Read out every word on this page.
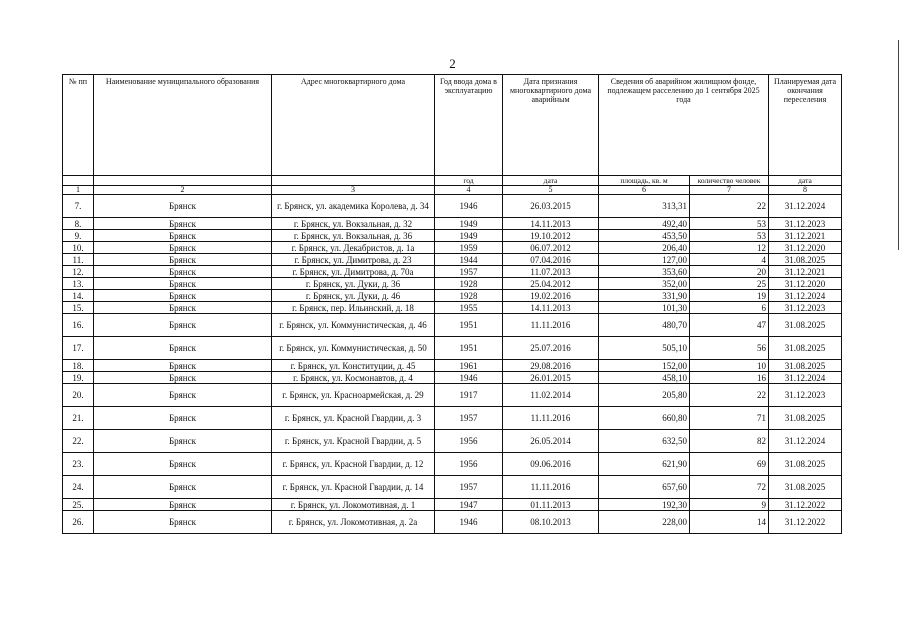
2
№ пп	Наименование муниципального образования	Адрес многоквартирного дома	Год ввода дома в эксплуатацию	Дата признания многоквартирного дома аварийным	Сведения об аварийном жилищном фонде, подлежащем расселению до 1 сентября 2025 года		Планируемая дата окончания переселения
			год	дата	площадь, кв. м	количество человек	дата
1	2	3	4	5	6	7	8
7.	Брянск	г. Брянск, ул. академика Королева, д. 34	1946	26.03.2015	313,31	22	31.12.2024
8.	Брянск	г. Брянск, ул. Вокзальная, д. 32	1949	14.11.2013	492,40	53	31.12.2023
9.	Брянск	г. Брянск, ул. Вокзальная, д. 36	1949	19.10.2012	453,50	53	31.12.2021
10.	Брянск	г. Брянск, ул. Декабристов, д. 1а	1959	06.07.2012	206,40	12	31.12.2020
11.	Брянск	г. Брянск, ул. Димитрова, д. 23	1944	07.04.2016	127,00	4	31.08.2025
12.	Брянск	г. Брянск, ул. Димитрова, д. 70а	1957	11.07.2013	353,60	20	31.12.2021
13.	Брянск	г. Брянск, ул. Дуки, д. 36	1928	25.04.2012	352,00	25	31.12.2020
14.	Брянск	г. Брянск, ул. Дуки, д. 46	1928	19.02.2016	331,90	19	31.12.2024
15.	Брянск	г. Брянск, пер. Ильинский, д. 18	1955	14.11.2013	101,30	6	31.12.2023
16.	Брянск	г. Брянск, ул. Коммунистическая, д. 46	1951	11.11.2016	480,70	47	31.08.2025
17.	Брянск	г. Брянск, ул. Коммунистическая, д. 50	1951	25.07.2016	505,10	56	31.08.2025
18.	Брянск	г. Брянск, ул. Конституции, д. 45	1961	29.08.2016	152,00	10	31.08.2025
19.	Брянск	г. Брянск, ул. Космонавтов, д. 4	1946	26.01.2015	458,10	16	31.12.2024
20.	Брянск	г. Брянск, ул. Красноармейская, д. 29	1917	11.02.2014	205,80	22	31.12.2023
21.	Брянск	г. Брянск, ул. Красной Гвардии, д. 3	1957	11.11.2016	660,80	71	31.08.2025
22.	Брянск	г. Брянск, ул. Красной Гвардии, д. 5	1956	26.05.2014	632,50	82	31.12.2024
23.	Брянск	г. Брянск, ул. Красной Гвардии, д. 12	1956	09.06.2016	621,90	69	31.08.2025
24.	Брянск	г. Брянск, ул. Красной Гвардии, д. 14	1957	11.11.2016	657,60	72	31.08.2025
25.	Брянск	г. Брянск, ул. Локомотивная, д. 1	1947	01.11.2013	192,30	9	31.12.2022
26.	Брянск	г. Брянск, ул. Локомотивная, д. 2а	1946	08.10.2013	228,00	14	31.12.2022
